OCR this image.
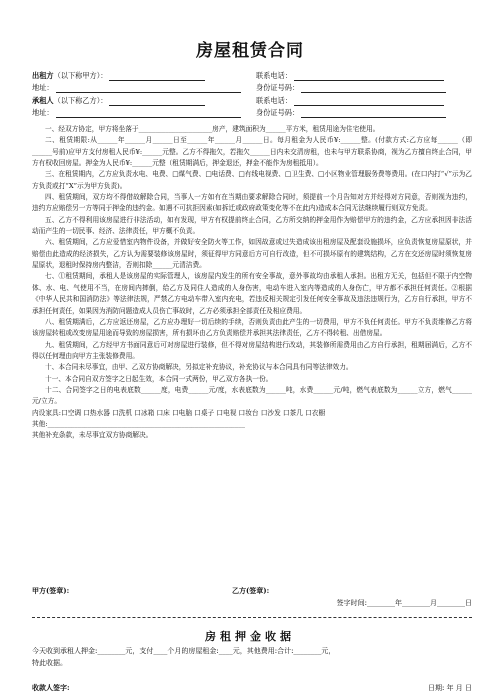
房屋租赁合同
出租方 （以下称甲方）：	联系电话：
地址：	身份证号码：
承租人 （以下称乙方）：	联系电话：
地址：	身份证号码：

一、经双方协定，甲方将坐落于______________________房产，建筑面积为______平方米，租赁用途为住宅使用。

二、租赁期限:从______年______月______日至______年______月______日。每月租金为人民币¥:______整。(付款方式:乙方应每______（即______号前)应甲方支付房租人民币¥:______元整。乙方不得拖欠，若拖欠______日内未交清房租，也未与甲方联系协商，视为乙方擅自终止合同，甲方有权收回房屋。押金为人民币¥:______元整（租赁期满后，押金退还，押金不能作为房租抵用）。

三、在租赁期内，乙方应负责水电、电费、□煤气费、□电话费、□有线电视费、□卫生费、□小区物业管理服务费等费用。(在口内打“√”示为乙方负责或打“X”示为甲方负责)。

四、租赁期间，双方均不得借故解除合同，当事人一方如有在当期由要求解除合同时，须提前一个月告知对方并经得对方同意，否则视为违约，违约方应赔偿另一方等同于押金的违约金。如遇不可抗拒因素(如拆迁或政府政策变化等不在此内)造成本合同无法继续履行则双方免责。

五、乙方不得利用该房屋进行非法活动，如有发现，甲方有权提前终止合同，乙方所交纳的押金用作为赔偿甲方的违约金，乙方应承担因非法活动而产生的一切民事、经济、法律责任，甲方概不负责。

六、租赁期间，乙方应爱惜室内物件设备，并做好安全防火等工作，如因故意或过失造成该出租房屋及配套设施损坏，应负责恢复房屋原状，并赔偿由此造成的经济损失，乙方认为需要装修该房屋时，须征得甲方同意后方可自行改造，但不可损坏原有的建筑结构，乙方在交还房屋时须恢复房屋原状，退租时保持房内整洁，否则扣除______元清洁费。

七、①租赁期间，承租人是该房屋的实际管理人，该房屋内发生的所有安全事故，意外事故均由承租人承担。出租方无关，包括但不限于内空物体、水、电、气使用不当，在房间内摔倒，给乙方及同住人造成的人身伤害，电动车进入室内等造成的人身伤亡，甲方都不承担任何责任。②根据《中华人民共和国消防法》等法律法规，严禁乙方电动车带入室内充电，若违反相关规定引发任何安全事故及违法违规行为，乙方自行承担，甲方不承担任何责任，如果因为消防问题造成人员伤亡事故时，乙方必须承担全部责任及相应费用。

八、租赁期满后，乙方应返还房屋，乙方应办理好一切后续的手续，否则负责由此产生的一切费用，甲方不负任何责任。甲方不负责维修乙方将该房屋转租或改变房屋用途而导致的房屋损害，所有损坏由乙方负责赔偿并承担其法律责任，乙方不得转租、出借房屋。

九、租赁期间，乙方经甲方书面同意后可对房屋进行装修，但不得对房屋结构进行改动，其装修所需费用由乙方自行承担，租期届满后，乙方不得以任何理由向甲方主张装修费用。

十、本合同未尽事宜，由甲、乙双方协商解决，另拟定补充协议，补充协议与本合同具有同等法律效力。

十一、本合同自双方签字之日起生效，本合同一式两份，甲乙双方各执一份。

十二、合同签字之日的电表底数______度，电费______元/度，水表底数为______吨，水费______元/吨，燃气表底数为______立方，燃气______元/立方。

内设家具:口空调 口热水器 口洗机 口冰箱 口床 口电脑 口桌子 口电视 口妆台 口沙发 口茶几 口衣橱

其他:___________________________________________________________

其他补充条款，未尽事宜双方协商解决。

甲方(签章):	乙方(签章):
签字时间:________年________月________日
房租押金收据
今天收到承租人押金:________元，支付____个月的房屋租金:____元，其他费用:合计:________元，
特此收据。
收款人签字:	日期: 年 月 日
